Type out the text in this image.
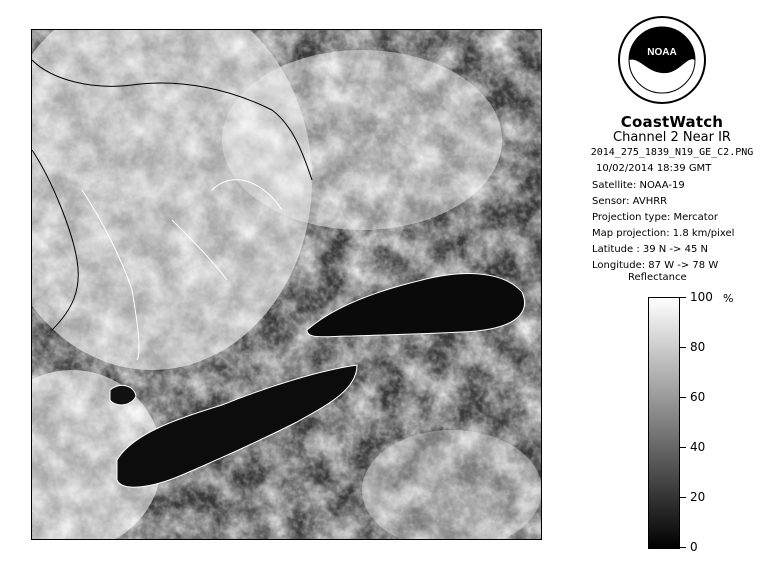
NOAA
CoastWatch
Channel 2 Near IR
2014_275_1839_N19_GE_C2.PNG
10/02/2014 18:39 GMT
Satellite: NOAA-19
Sensor: AVHRR
Projection type: Mercator
Map projection: 1.8 km/pixel
Latitude : 39 N -> 45 N
Longitude: 87 W -> 78 W
Reflectance
%
100
80
60
40
20
0
